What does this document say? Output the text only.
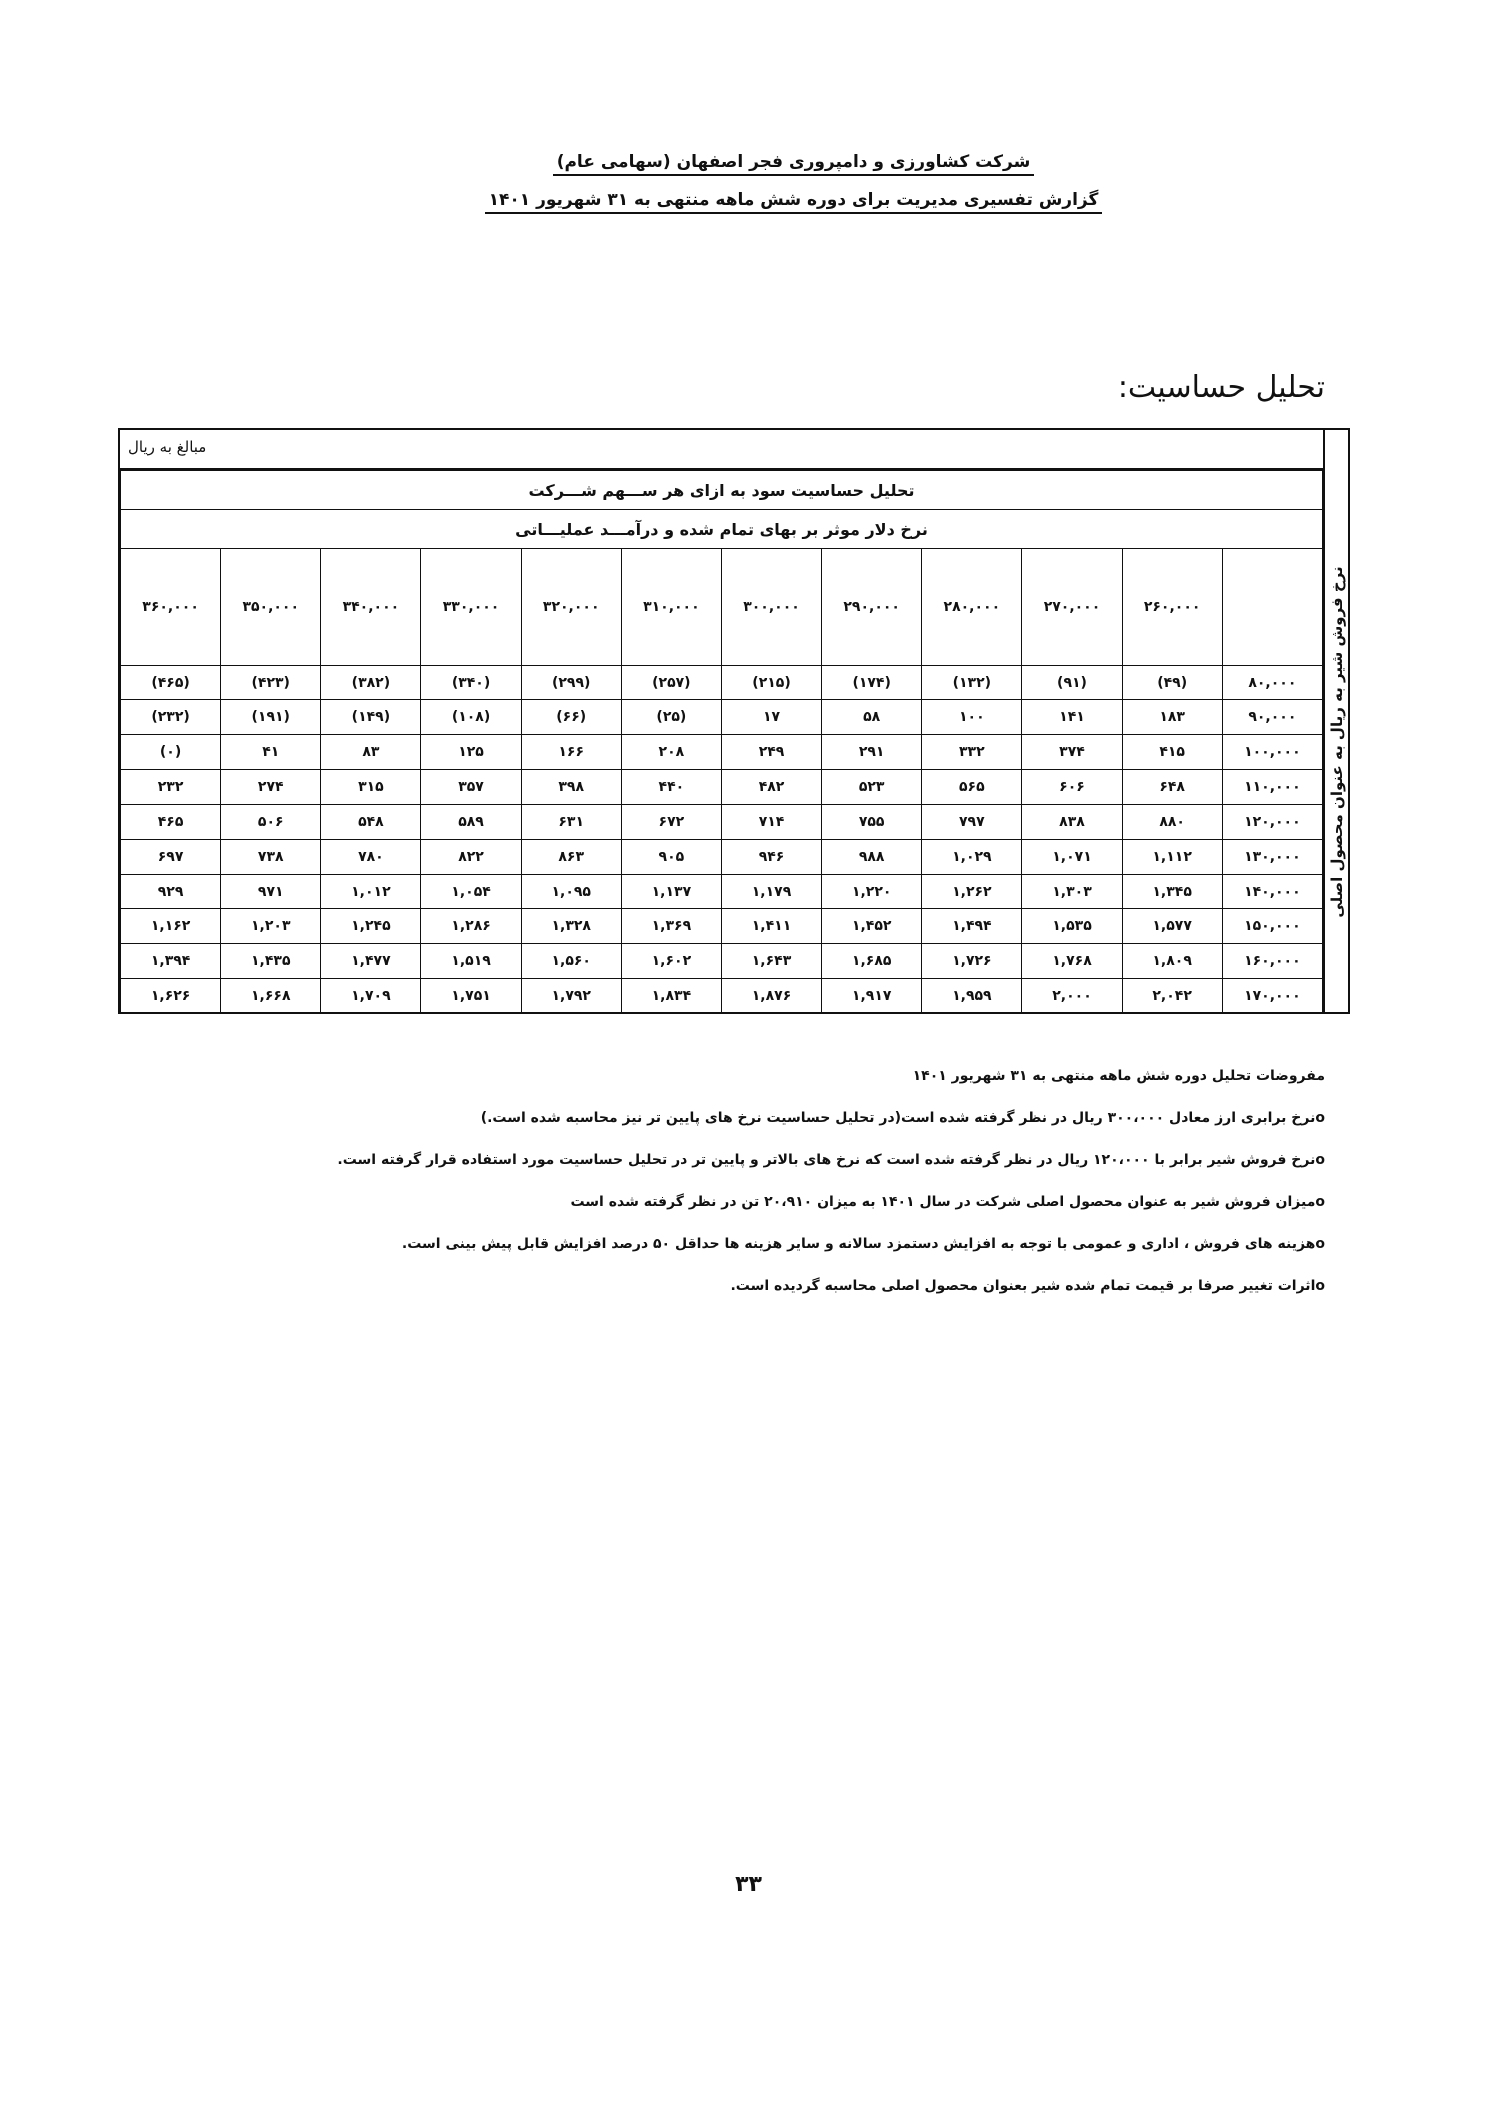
شرکت کشاورزی و دامپروری فجر اصفهان (سهامی عام)
گزارش تفسیری مدیریت برای دوره شش ماهه منتهی به ۳۱ شهریور ۱۴۰۱
تحلیل حساسیت:
مبالغ به ریال
تحلیل حساسیت سود به ازای هر ســـهم شـــرکت											
نرخ دلار موثر بر بهای تمام شده و درآمـــد عملیـــاتی											
۳۶۰,۰۰۰	۳۵۰,۰۰۰	۳۴۰,۰۰۰	۳۳۰,۰۰۰	۳۲۰,۰۰۰	۳۱۰,۰۰۰	۳۰۰,۰۰۰	۲۹۰,۰۰۰	۲۸۰,۰۰۰	۲۷۰,۰۰۰	۲۶۰,۰۰۰	
(۴۶۵)	(۴۲۳)	(۳۸۲)	(۳۴۰)	(۲۹۹)	(۲۵۷)	(۲۱۵)	(۱۷۴)	(۱۳۲)	(۹۱)	(۴۹)	۸۰,۰۰۰
(۲۳۲)	(۱۹۱)	(۱۴۹)	(۱۰۸)	(۶۶)	(۲۵)	۱۷	۵۸	۱۰۰	۱۴۱	۱۸۳	۹۰,۰۰۰
(۰)	۴۱	۸۳	۱۲۵	۱۶۶	۲۰۸	۲۴۹	۲۹۱	۳۳۲	۳۷۴	۴۱۵	۱۰۰,۰۰۰
۲۳۲	۲۷۴	۳۱۵	۳۵۷	۳۹۸	۴۴۰	۴۸۲	۵۲۳	۵۶۵	۶۰۶	۶۴۸	۱۱۰,۰۰۰
۴۶۵	۵۰۶	۵۴۸	۵۸۹	۶۳۱	۶۷۲	۷۱۴	۷۵۵	۷۹۷	۸۳۸	۸۸۰	۱۲۰,۰۰۰
۶۹۷	۷۳۸	۷۸۰	۸۲۲	۸۶۳	۹۰۵	۹۴۶	۹۸۸	۱,۰۲۹	۱,۰۷۱	۱,۱۱۲	۱۳۰,۰۰۰
۹۲۹	۹۷۱	۱,۰۱۲	۱,۰۵۴	۱,۰۹۵	۱,۱۳۷	۱,۱۷۹	۱,۲۲۰	۱,۲۶۲	۱,۳۰۳	۱,۳۴۵	۱۴۰,۰۰۰
۱,۱۶۲	۱,۲۰۳	۱,۲۴۵	۱,۲۸۶	۱,۳۲۸	۱,۳۶۹	۱,۴۱۱	۱,۴۵۲	۱,۴۹۴	۱,۵۳۵	۱,۵۷۷	۱۵۰,۰۰۰
۱,۳۹۴	۱,۴۳۵	۱,۴۷۷	۱,۵۱۹	۱,۵۶۰	۱,۶۰۲	۱,۶۴۳	۱,۶۸۵	۱,۷۲۶	۱,۷۶۸	۱,۸۰۹	۱۶۰,۰۰۰
۱,۶۲۶	۱,۶۶۸	۱,۷۰۹	۱,۷۵۱	۱,۷۹۲	۱,۸۳۴	۱,۸۷۶	۱,۹۱۷	۱,۹۵۹	۲,۰۰۰	۲,۰۴۲	۱۷۰,۰۰۰
نرخ فروش شیر به ریال به عنوان محصول اصلی
مفروضات تحلیل دوره شش ماهه منتهی به ۳۱ شهریور ۱۴۰۱
oنرخ برابری ارز معادل ۳۰۰،۰۰۰ ریال در نظر گرفته شده است(در تحلیل حساسیت نرخ های پایین تر نیز محاسبه شده است.)
oنرخ فروش شیر برابر با ۱۲۰،۰۰۰ ریال در نظر گرفته شده است که نرخ های بالاتر و پایین تر در تحلیل حساسیت مورد استفاده قرار گرفته است.
oمیزان فروش شیر به عنوان محصول اصلی شرکت در سال ۱۴۰۱ به میزان ۲۰،۹۱۰ تن در نظر گرفته شده است
oهزینه های فروش ، اداری و عمومی با توجه به افزایش دستمزد سالانه و سایر هزینه ها حداقل ۵۰ درصد افزایش قابل پیش بینی است.
oاثرات تغییر صرفا بر قیمت تمام شده شیر بعنوان محصول اصلی محاسبه گردیده است.
۳۳
